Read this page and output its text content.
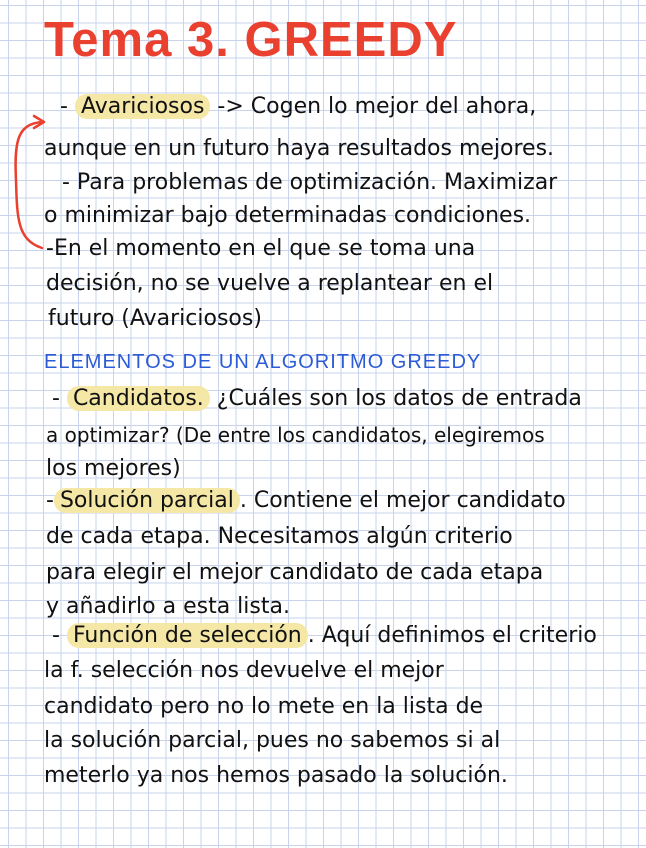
Tema 3. GREEDY
- Avariciosos -> Cogen lo mejor del ahora,
aunque en un futuro haya resultados mejores.
- Para problemas de optimización. Maximizar
o minimizar bajo determinadas condiciones.
-En el momento en el que se toma una
decisión, no se vuelve a replantear en el
futuro (Avariciosos)
ELEMENTOS DE UN ALGORITMO GREEDY
- Candidatos. ¿Cuáles son los datos de entrada
a optimizar? (De entre los candidatos, elegiremos
los mejores)
- Solución parcial . Contiene el mejor candidato
de cada etapa. Necesitamos algún criterio
para elegir el mejor candidato de cada etapa
y añadirlo a esta lista.
- Función de selección . Aquí definimos el criterio
la f. selección nos devuelve el mejor
candidato pero no lo mete en la lista de
la solución parcial, pues no sabemos si al
meterlo ya nos hemos pasado la solución.
